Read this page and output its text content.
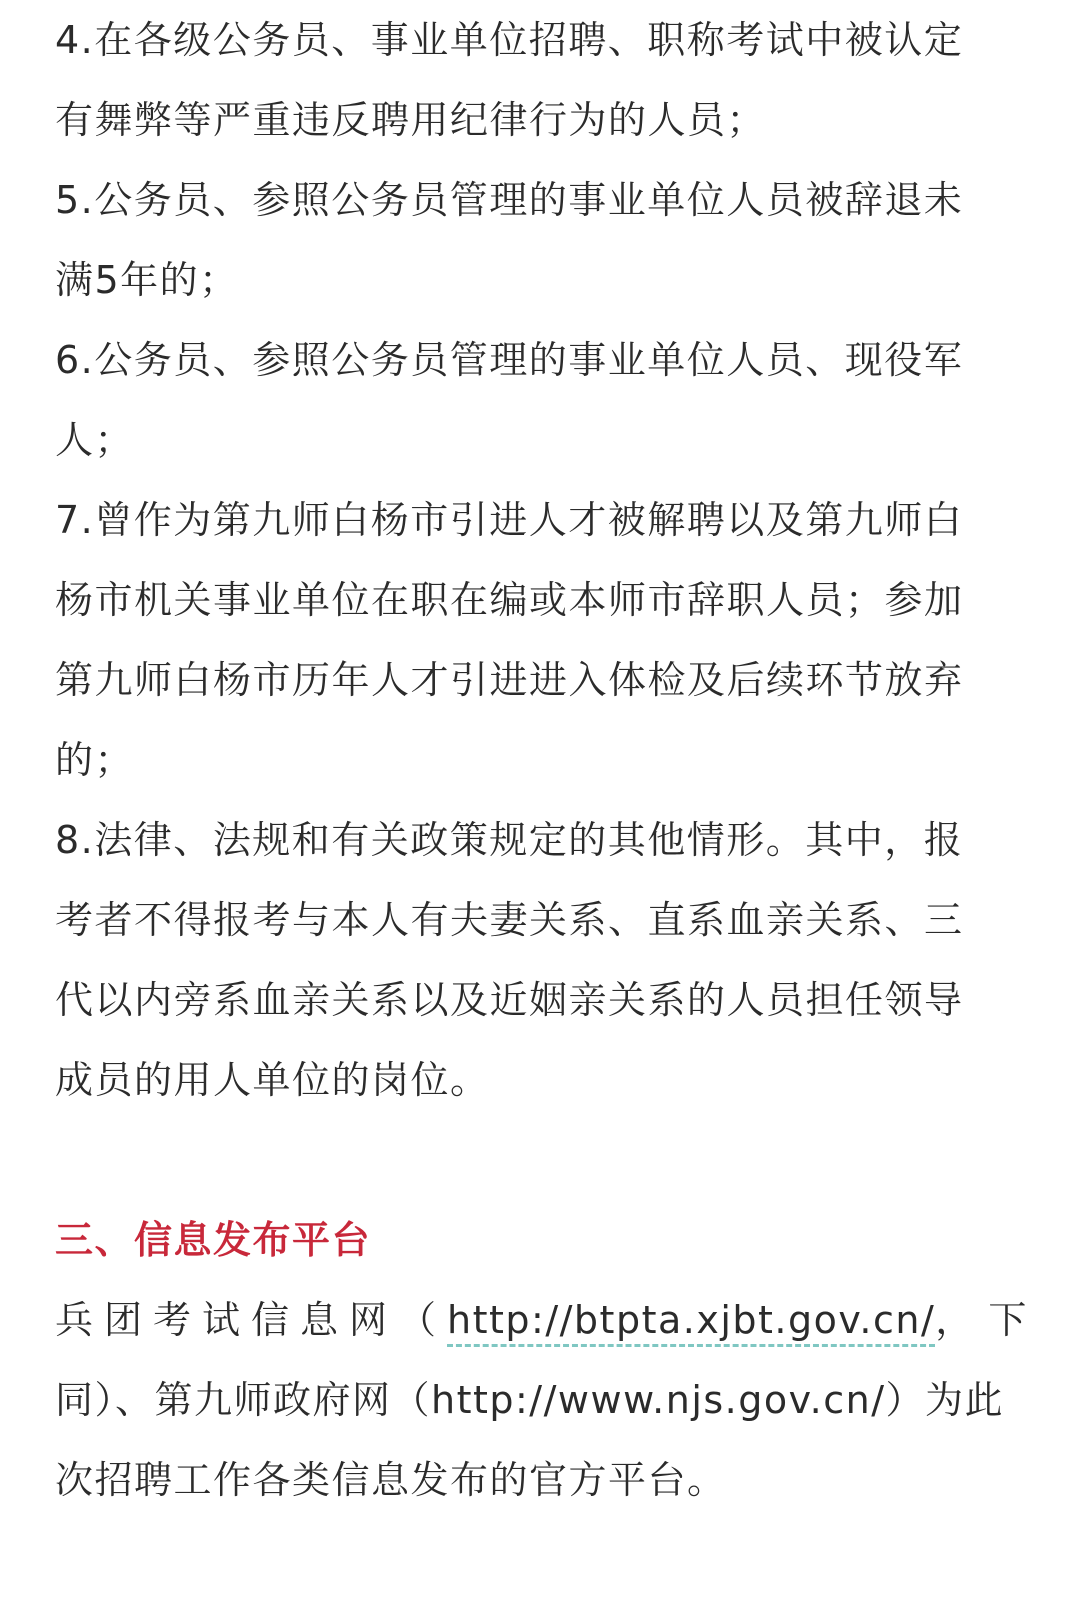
4.在各级公务员、事业单位招聘、职称考试中被认定
有舞弊等严重违反聘用纪律行为的人员；
5.公务员、参照公务员管理的事业单位人员被辞退未
满5年的；
6.公务员、参照公务员管理的事业单位人员、现役军
人；
7.曾作为第九师白杨市引进人才被解聘以及第九师白
杨市机关事业单位在职在编或本师市辞职人员；参加
第九师白杨市历年人才引进进入体检及后续环节放弃
的；
8.法律、法规和有关政策规定的其他情形。其中，报
考者不得报考与本人有夫妻关系、直系血亲关系、三
代以内旁系血亲关系以及近姻亲关系的人员担任领导
成员的用人单位的岗位。
三、信息发布平台
兵团考试信息网（http://btpta.xjbt.gov.cn/， 下
同）、第九师政府网（http://www.njs.gov.cn/）为此
次招聘工作各类信息发布的官方平台。
